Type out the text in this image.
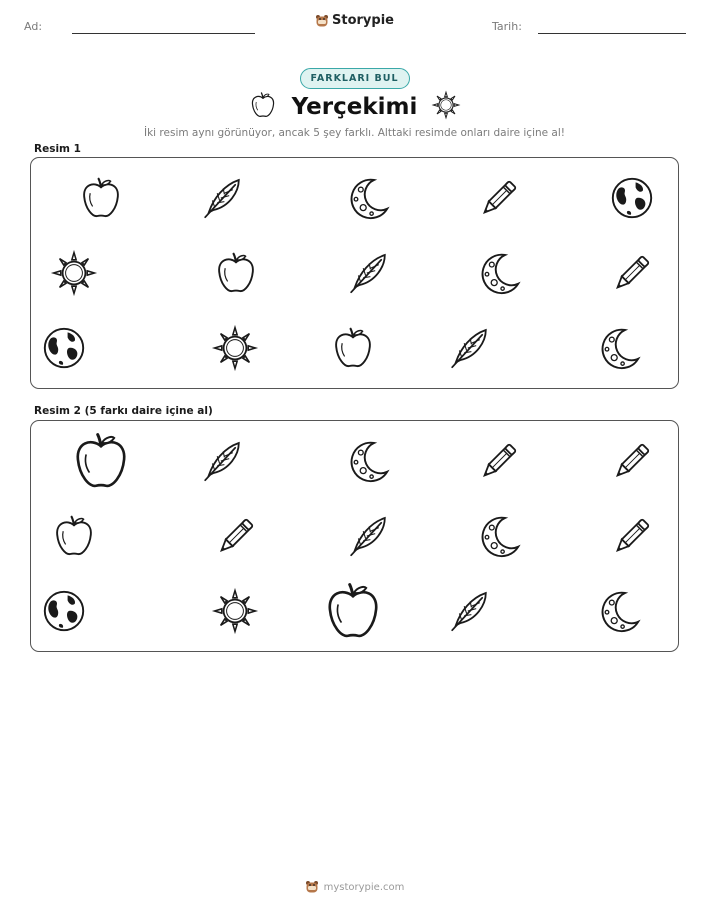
Ad:	Storypie	Tarih:
FARKLARI BUL
Yerçekimi
İki resim aynı görünüyor, ancak 5 şey farklı. Alttaki resimde onları daire içine al!
Resim 1
Resim 2 (5 farkı daire içine al)
mystorypie.com
